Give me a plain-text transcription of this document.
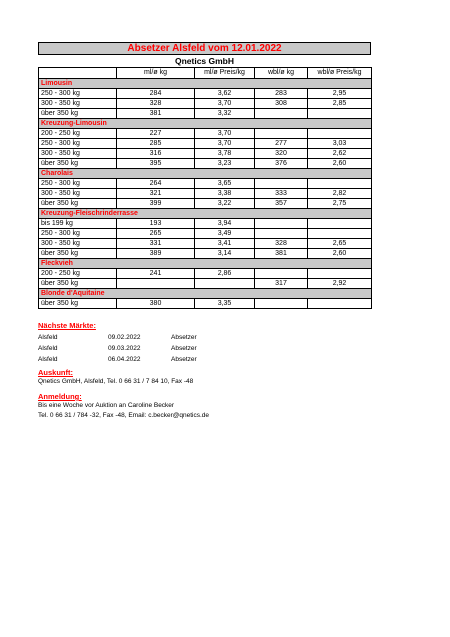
Absetzer Alsfeld vom 12.01.2022
Qnetics GmbH
	ml/ø kg	ml/ø Preis/kg	wbl/ø kg	wbl/ø Preis/kg
Limousin				
250 - 300 kg	284	3,62	283	2,95
300 - 350 kg	328	3,70	308	2,85
über 350 kg	381	3,32		
Kreuzung-Limousin				
200 - 250 kg	227	3,70		
250 - 300 kg	285	3,70	277	3,03
300 - 350 kg	316	3,78	320	2,62
über 350 kg	395	3,23	376	2,60
Charolais				
250 - 300 kg	264	3,65		
300 - 350 kg	321	3,38	333	2,82
über 350 kg	399	3,22	357	2,75
Kreuzung-Fleischrinderrasse				
bis 199 kg	193	3,94		
250 - 300 kg	265	3,49		
300 - 350 kg	331	3,41	328	2,65
über 350 kg	389	3,14	381	2,60
Fleckvieh				
200 - 250 kg	241	2,86		
über 350 kg			317	2,92
Blonde d'Aquitaine				
über 350 kg	380	3,35		
Nächste Märkte:
Alsfeld	09.02.2022	Absetzer
Alsfeld	09.03.2022	Absetzer
Alsfeld	06.04.2022	Absetzer
Auskunft:
Qnetics GmbH, Alsfeld, Tel. 0 66 31 / 7 84 10, Fax -48
Anmeldung:
Bis eine Woche vor Auktion an Caroline Becker
Tel. 0 66 31 / 784 -32, Fax -48, Email: c.becker@qnetics.de
